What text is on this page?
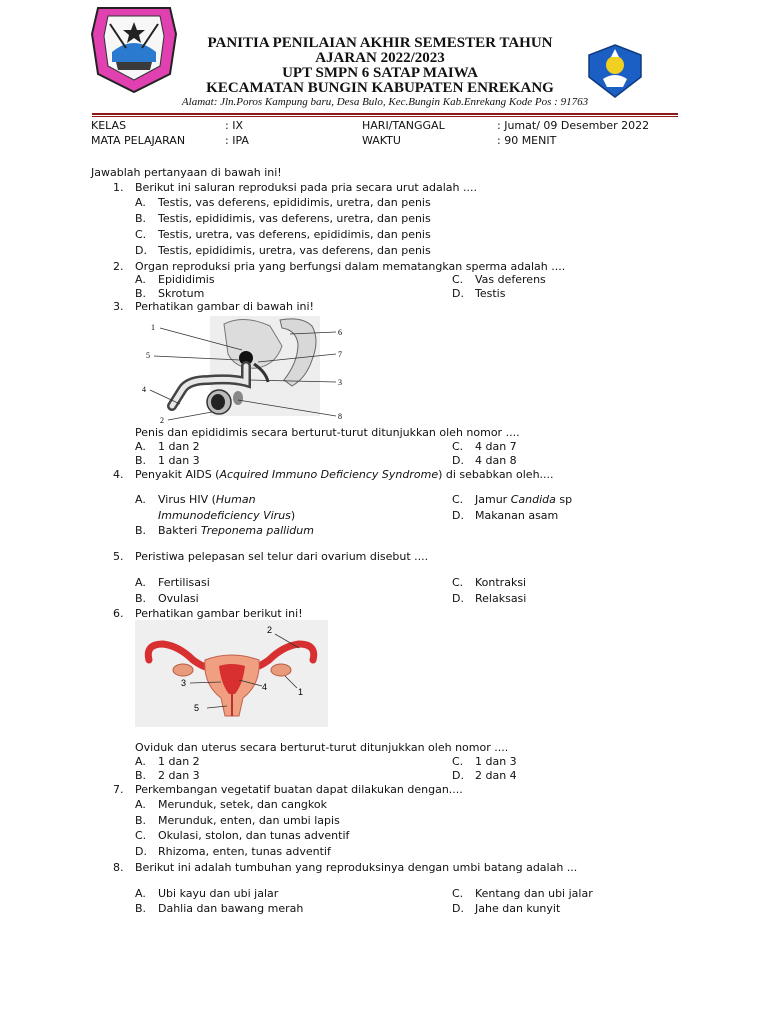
PANITIA PENILAIAN AKHIR SEMESTER TAHUN
AJARAN 2022/2023
UPT SMPN 6 SATAP MAIWA
KECAMATAN BUNGIN KABUPATEN ENREKANG
Alamat: Jln.Poros Kampung baru, Desa Bulo, Kec.Bungin Kab.Enrekang Kode Pos : 91763
KELAS	: IX	HARI/TANGGAL	: Jumat/ 09 Desember 2022
MATA PELAJARAN	: IPA	WAKTU	: 90 MENIT
Jawablah pertanyaan di bawah ini!
1. Berikut ini saluran reproduksi pada pria secara urut adalah ....
A. Testis, vas deferens, epididimis, uretra, dan penis
B. Testis, epididimis, vas deferens, uretra, dan penis
C. Testis, uretra, vas deferens, epididimis, dan penis
D. Testis, epididimis, uretra, vas deferens, dan penis
2. Organ reproduksi pria yang berfungsi dalam mematangkan sperma adalah ....
A. Epididimis	C. Vas deferens
B. Skrotum	D. Testis
3. Perhatikan gambar di bawah ini!
1
5
4
2
6
7
3
8
Penis dan epididimis secara berturut-turut ditunjukkan oleh nomor ....
A. 1 dan 2	C. 4 dan 7
B. 1 dan 3	D. 4 dan 8
4. Penyakit AIDS (Acquired Immuno Deficiency Syndrome) di sebabkan oleh....
A. Virus HIV (Human
Immunodeficiency Virus)
C. Jamur Candida sp
D. Makanan asam
B. Bakteri Treponema pallidum
5. Peristiwa pelepasan sel telur dari ovarium disebut ....
A. Fertilisasi	C. Kontraksi
B. Ovulasi	D. Relaksasi
6. Perhatikan gambar berikut ini!
2
3	4	1
5
Oviduk dan uterus secara berturut-turut ditunjukkan oleh nomor ....
A. 1 dan 2	C. 1 dan 3
B. 2 dan 3	D. 2 dan 4
7. Perkembangan vegetatif buatan dapat dilakukan dengan....
A. Merunduk, setek, dan cangkok
B. Merunduk, enten, dan umbi lapis
C. Okulasi, stolon, dan tunas adventif
D. Rhizoma, enten, tunas adventif
8. Berikut ini adalah tumbuhan yang reproduksinya dengan umbi batang adalah ...
A. Ubi kayu dan ubi jalar	C. Kentang dan ubi jalar
B. Dahlia dan bawang merah	D. Jahe dan kunyit
